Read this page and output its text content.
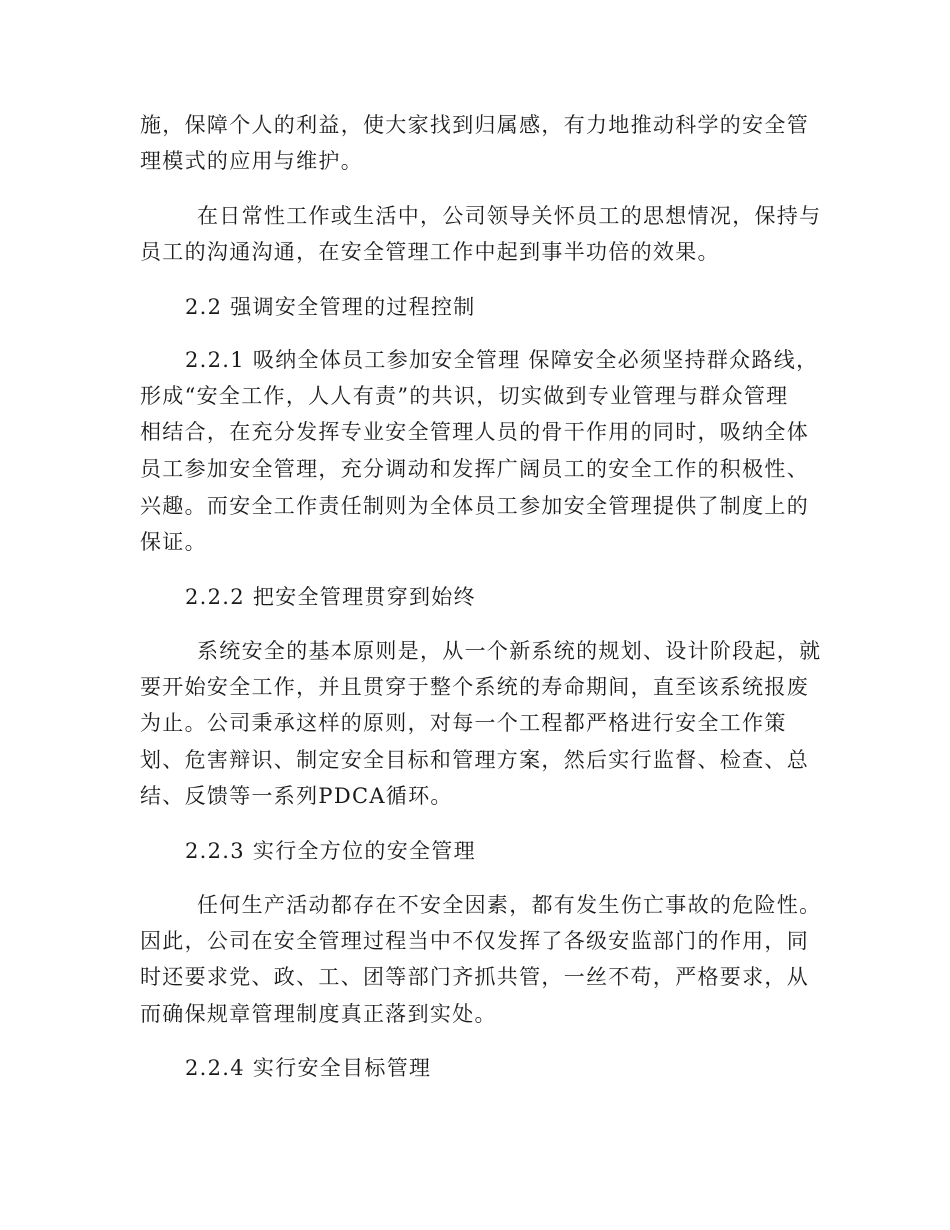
施，保障个人的利益，使大家找到归属感，有力地推动科学的安全管
理模式的应用与维护。
在日常性工作或生活中，公司领导关怀员工的思想情况，保持与
员工的沟通沟通，在安全管理工作中起到事半功倍的效果。
2.2 强调安全管理的过程控制
2.2.1 吸纳全体员工参加安全管理 保障安全必须坚持群众路线，
形成“安全工作，人人有责”的共识，切实做到专业管理与群众管理
相结合，在充分发挥专业安全管理人员的骨干作用的同时，吸纳全体
员工参加安全管理，充分调动和发挥广阔员工的安全工作的积极性、
兴趣。而安全工作责任制则为全体员工参加安全管理提供了制度上的
保证。
2.2.2 把安全管理贯穿到始终
系统安全的基本原则是，从一个新系统的规划、设计阶段起，就
要开始安全工作，并且贯穿于整个系统的寿命期间，直至该系统报废
为止。公司秉承这样的原则，对每一个工程都严格进行安全工作策
划、危害辩识、制定安全目标和管理方案，然后实行监督、检查、总
结、反馈等一系列PDCA循环。
2.2.3 实行全方位的安全管理
任何生产活动都存在不安全因素，都有发生伤亡事故的危险性。
因此，公司在安全管理过程当中不仅发挥了各级安监部门的作用，同
时还要求党、政、工、团等部门齐抓共管，一丝不苟，严格要求，从
而确保规章管理制度真正落到实处。
2.2.4 实行安全目标管理
